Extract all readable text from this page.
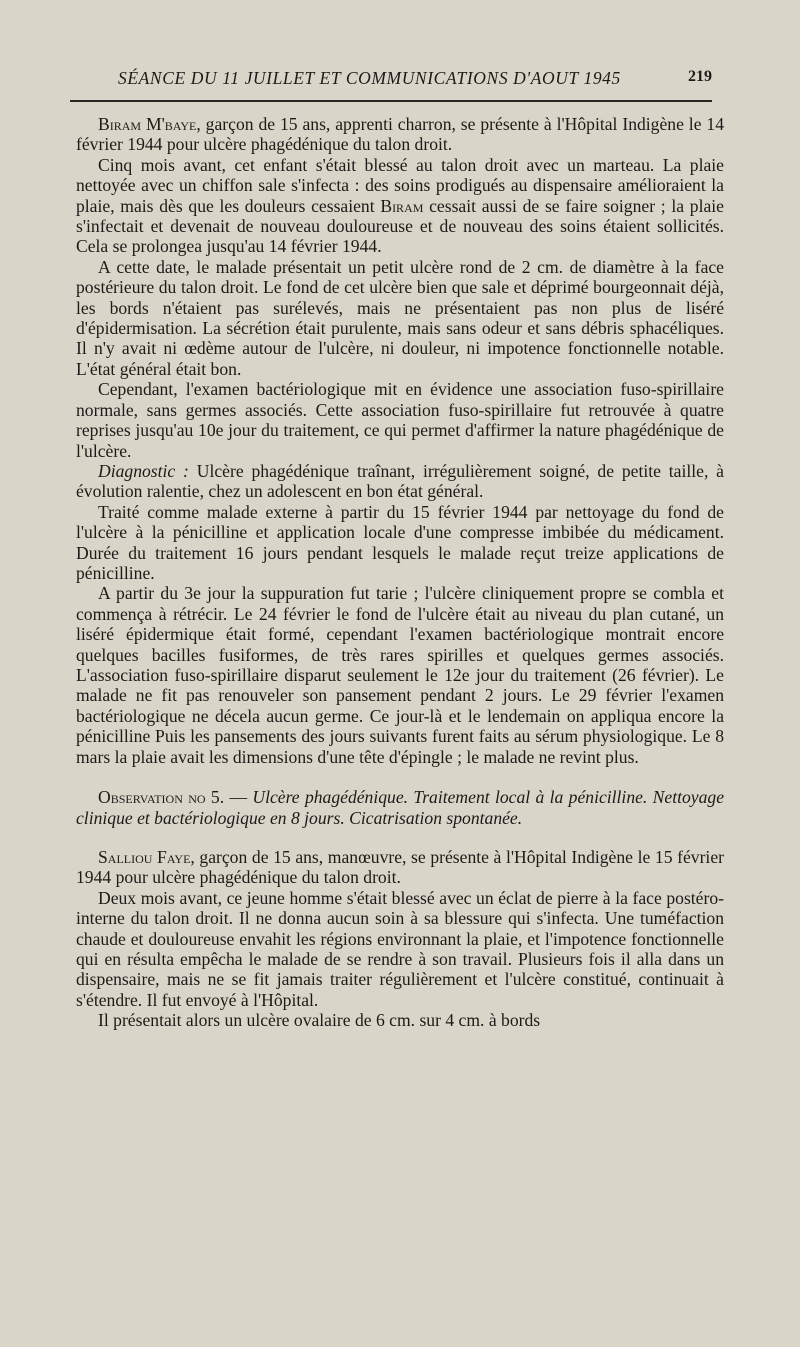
SÉANCE DU 11 JUILLET ET COMMUNICATIONS D'AOUT 1945	219

Biram M'baye, garçon de 15 ans, apprenti charron, se présente à l'Hôpital Indigène le 14 février 1944 pour ulcère phagédénique du talon droit.

Cinq mois avant, cet enfant s'était blessé au talon droit avec un marteau. La plaie nettoyée avec un chiffon sale s'infecta : des soins prodigués au dispensaire amélioraient la plaie, mais dès que les douleurs cessaient Biram cessait aussi de se faire soigner ; la plaie s'infectait et devenait de nouveau douloureuse et de nouveau des soins étaient sollicités. Cela se prolongea jusqu'au 14 février 1944.

A cette date, le malade présentait un petit ulcère rond de 2 cm. de diamètre à la face postérieure du talon droit. Le fond de cet ulcère bien que sale et déprimé bourgeonnait déjà, les bords n'étaient pas surélevés, mais ne présentaient pas non plus de liséré d'épidermisation. La sécrétion était purulente, mais sans odeur et sans débris sphacéliques. Il n'y avait ni œdème autour de l'ulcère, ni douleur, ni impotence fonctionnelle notable. L'état général était bon.

Cependant, l'examen bactériologique mit en évidence une association fuso-spirillaire normale, sans germes associés. Cette association fuso-spirillaire fut retrouvée à quatre reprises jusqu'au 10e jour du traitement, ce qui permet d'affirmer la nature phagédénique de l'ulcère.

Diagnostic : Ulcère phagédénique traînant, irrégulièrement soigné, de petite taille, à évolution ralentie, chez un adolescent en bon état général.

Traité comme malade externe à partir du 15 février 1944 par nettoyage du fond de l'ulcère à la pénicilline et application locale d'une compresse imbibée du médicament. Durée du traitement 16 jours pendant lesquels le malade reçut treize applications de pénicilline.

A partir du 3e jour la suppuration fut tarie ; l'ulcère cliniquement propre se combla et commença à rétrécir. Le 24 février le fond de l'ulcère était au niveau du plan cutané, un liséré épidermique était formé, cependant l'examen bactériologique montrait encore quelques bacilles fusiformes, de très rares spirilles et quelques germes associés. L'association fuso-spirillaire disparut seulement le 12e jour du traitement (26 février). Le malade ne fit pas renouveler son pansement pendant 2 jours. Le 29 février l'examen bactériologique ne décela aucun germe. Ce jour-là et le lendemain on appliqua encore la pénicilline Puis les pansements des jours suivants furent faits au sérum physiologique. Le 8 mars la plaie avait les dimensions d'une tête d'épingle ; le malade ne revint plus.

Observation no 5. — Ulcère phagédénique. Traitement local à la pénicilline. Nettoyage clinique et bactériologique en 8 jours. Cicatrisation spontanée.

Salliou Faye, garçon de 15 ans, manœuvre, se présente à l'Hôpital Indigène le 15 février 1944 pour ulcère phagédénique du talon droit.

Deux mois avant, ce jeune homme s'était blessé avec un éclat de pierre à la face postéro-interne du talon droit. Il ne donna aucun soin à sa blessure qui s'infecta. Une tuméfaction chaude et douloureuse envahit les régions environnant la plaie, et l'impotence fonctionnelle qui en résulta empêcha le malade de se rendre à son travail. Plusieurs fois il alla dans un dispensaire, mais ne se fit jamais traiter régulièrement et l'ulcère constitué, continuait à s'étendre. Il fut envoyé à l'Hôpital.

Il présentait alors un ulcère ovalaire de 6 cm. sur 4 cm. à bords
